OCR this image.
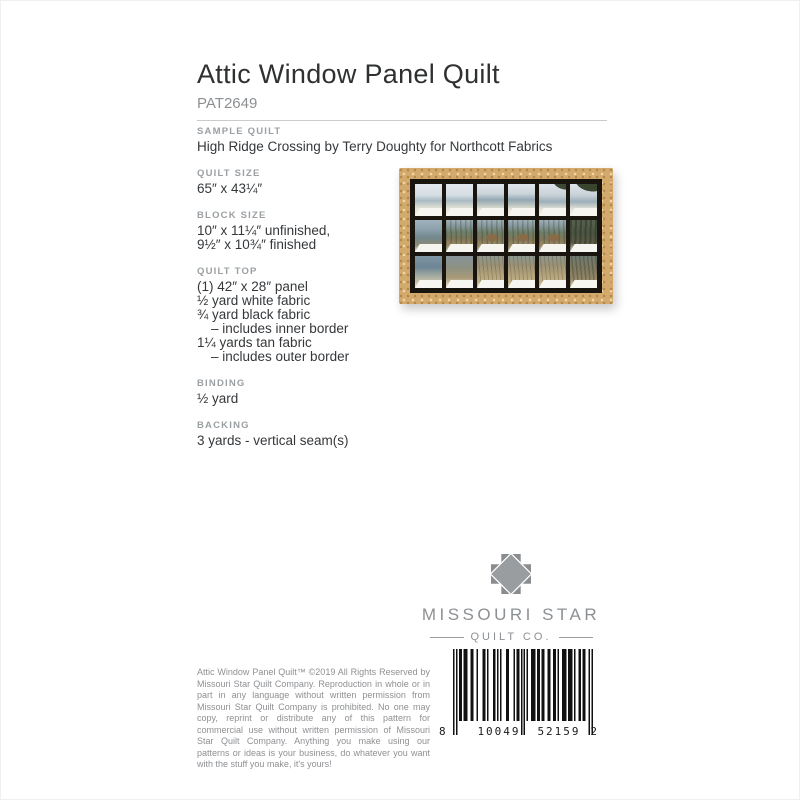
Attic Window Panel Quilt
PAT2649
SAMPLE QUILT
High Ridge Crossing by Terry Doughty for Northcott Fabrics
QUILT SIZE
65″ x 43¼″
BLOCK SIZE
10″ x 11¼″ unfinished,
9½″ x 10¾″ finished
QUILT TOP
(1) 42″ x 28″ panel
½ yard white fabric
¾ yard black fabric
– includes inner border
1¼ yards tan fabric
– includes outer border
BINDING
½ yard
BACKING
3 yards - vertical seam(s)
MISSOURI STAR
QUILT CO.
Attic Window Panel Quilt™ ©2019 All Rights Reserved by Missouri Star Quilt Company. Reproduction in whole or in part in any language without written permission from Missouri Star Quilt Company is prohibited. No one may copy, reprint or distribute any of this pattern for commercial use without written permission of Missouri Star Quilt Company. Anything you make using our patterns or ideas is your business, do whatever you want with the stuff you make, it's yours!
8	10049	52159 2
